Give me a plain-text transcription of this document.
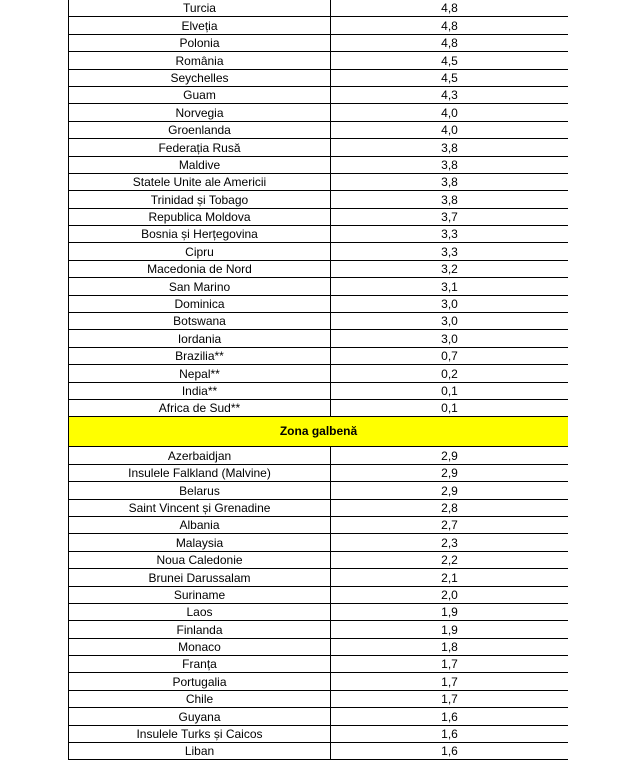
Turcia	4,8
Elveția	4,8
Polonia	4,8
România	4,5
Seychelles	4,5
Guam	4,3
Norvegia	4,0
Groenlanda	4,0
Federația Rusă	3,8
Maldive	3,8
Statele Unite ale Americii	3,8
Trinidad și Tobago	3,8
Republica Moldova	3,7
Bosnia și Herțegovina	3,3
Cipru	3,3
Macedonia de Nord	3,2
San Marino	3,1
Dominica	3,0
Botswana	3,0
Iordania	3,0
Brazilia**	0,7
Nepal**	0,2
India**	0,1
Africa de Sud**	0,1
Zona galbenă	
Azerbaidjan	2,9
Insulele Falkland (Malvine)	2,9
Belarus	2,9
Saint Vincent și Grenadine	2,8
Albania	2,7
Malaysia	2,3
Noua Caledonie	2,2
Brunei Darussalam	2,1
Suriname	2,0
Laos	1,9
Finlanda	1,9
Monaco	1,8
Franța	1,7
Portugalia	1,7
Chile	1,7
Guyana	1,6
Insulele Turks și Caicos	1,6
Liban	1,6
